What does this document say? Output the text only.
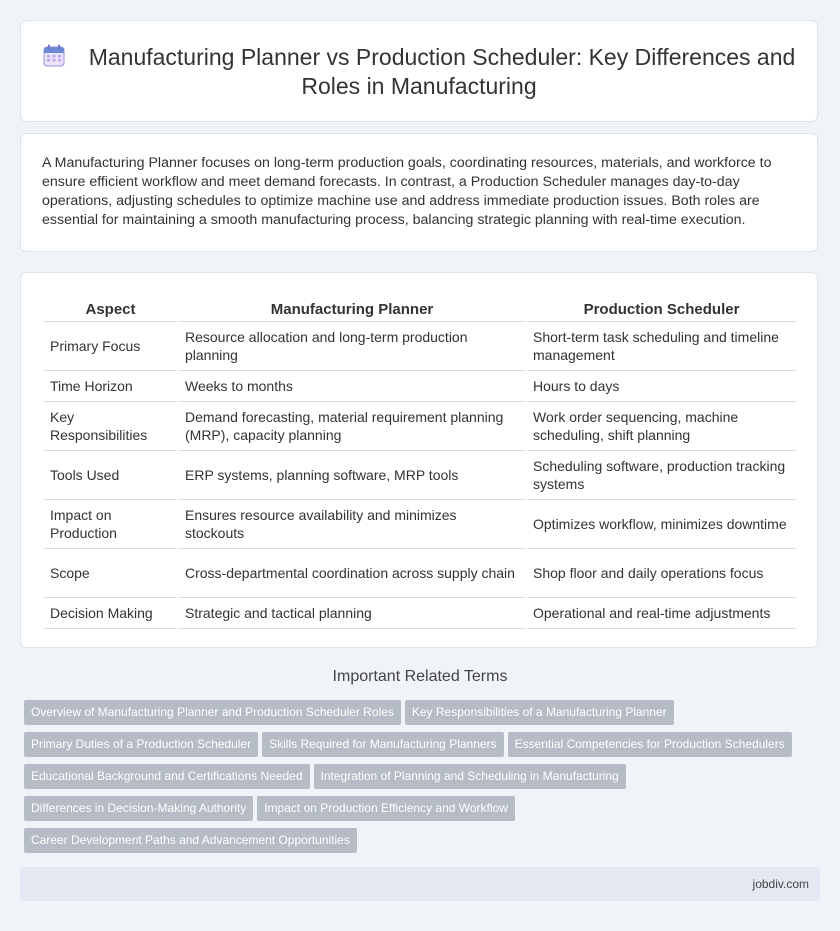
Manufacturing Planner vs Production Scheduler: Key Differences and Roles in Manufacturing

A Manufacturing Planner focuses on long-term production goals, coordinating resources, materials, and workforce to ensure efficient workflow and meet demand forecasts. In contrast, a Production Scheduler manages day-to-day operations, adjusting schedules to optimize machine use and address immediate production issues. Both roles are essential for maintaining a smooth manufacturing process, balancing strategic planning with real-time execution.

Aspect	Manufacturing Planner	Production Scheduler
Primary Focus	Resource allocation and long-term production planning	Short-term task scheduling and timeline management
Time Horizon	Weeks to months	Hours to days
Key Responsibilities	Demand forecasting, material requirement planning (MRP), capacity planning	Work order sequencing, machine scheduling, shift planning
Tools Used	ERP systems, planning software, MRP tools	Scheduling software, production tracking systems
Impact on Production	Ensures resource availability and minimizes stockouts	Optimizes workflow, minimizes downtime
Scope	Cross-departmental coordination across supply chain	Shop floor and daily operations focus
Decision Making	Strategic and tactical planning	Operational and real-time adjustments
Important Related Terms
Overview of Manufacturing Planner and Production Scheduler Roles Key Responsibilities of a Manufacturing Planner
Primary Duties of a Production Scheduler Skills Required for Manufacturing Planners Essential Competencies for Production Schedulers
Educational Background and Certifications Needed Integration of Planning and Scheduling in Manufacturing
Differences in Decision-Making Authority Impact on Production Efficiency and Workflow
Career Development Paths and Advancement Opportunities
jobdiv.com
